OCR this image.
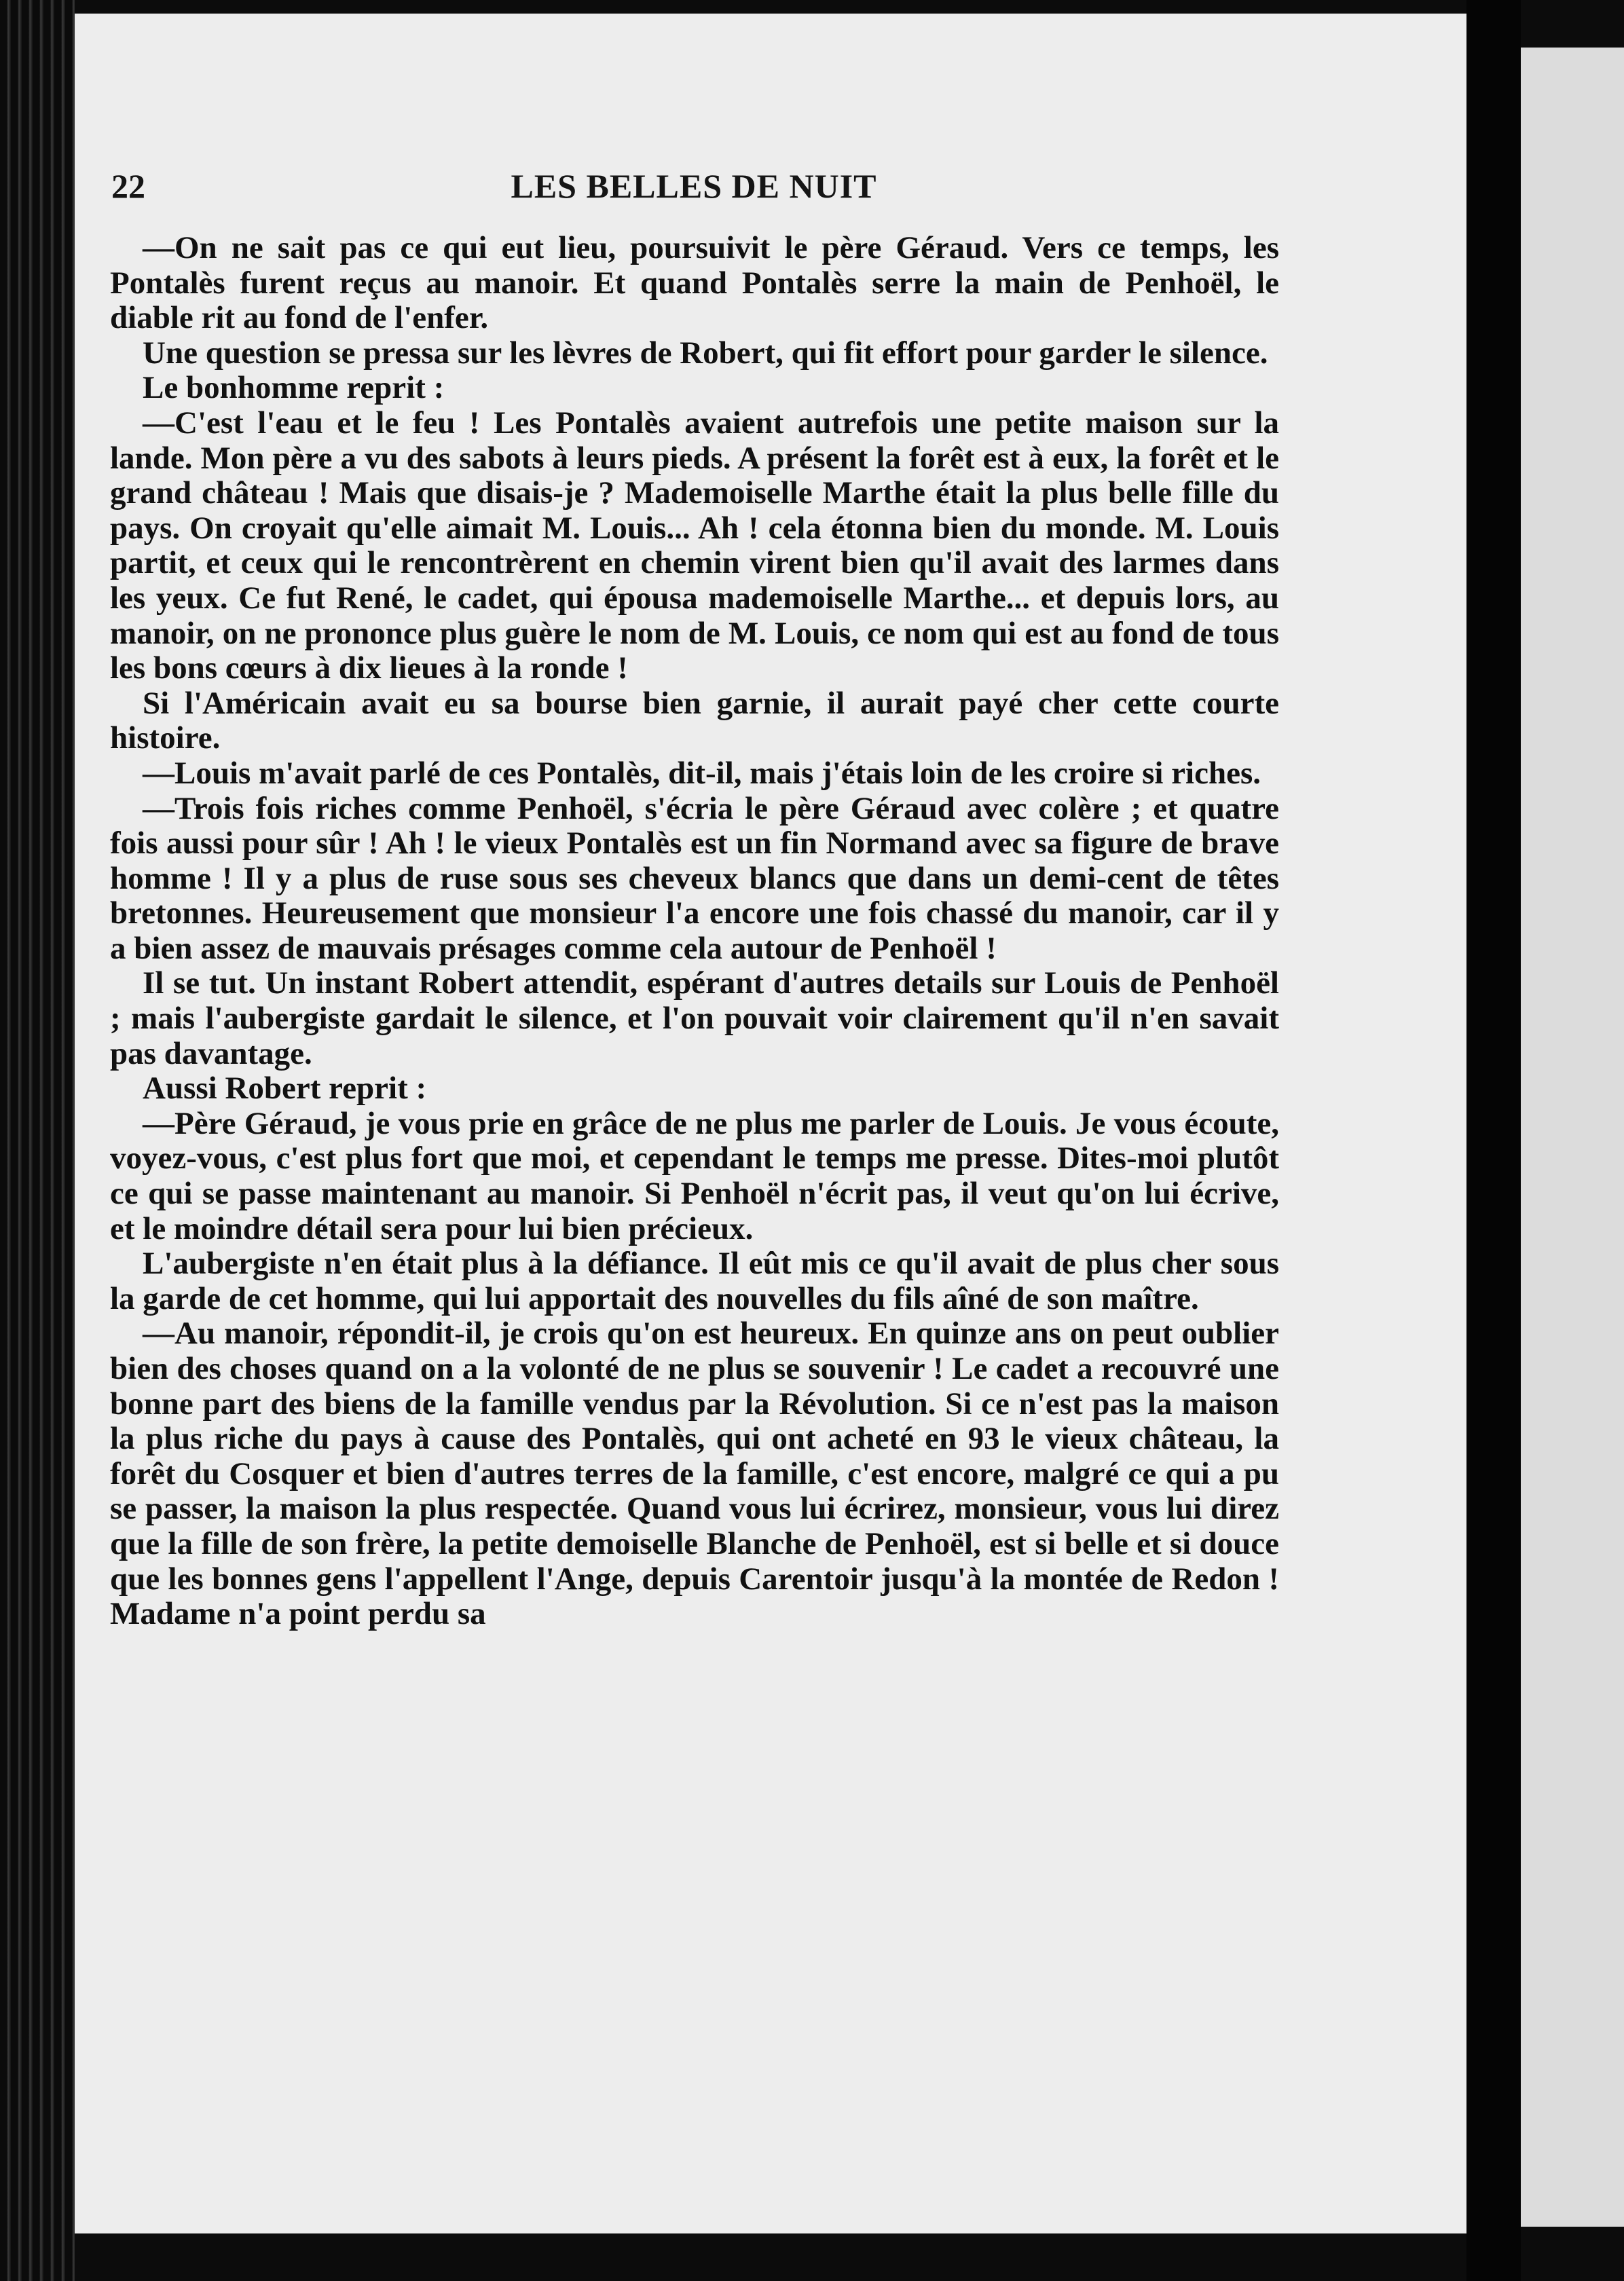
22	LES BELLES DE NUIT

—On ne sait pas ce qui eut lieu, poursuivit le père Géraud. Vers ce temps, les Pontalès furent reçus au manoir. Et quand Pontalès serre la main de Penhoël, le diable rit au fond de l'enfer.

Une question se pressa sur les lèvres de Robert, qui fit effort pour garder le silence.

Le bonhomme reprit :

—C'est l'eau et le feu ! Les Pontalès avaient autrefois une petite maison sur la lande. Mon père a vu des sabots à leurs pieds. A présent la forêt est à eux, la forêt et le grand château ! Mais que disais-je ? Mademoiselle Marthe était la plus belle fille du pays. On croyait qu'elle aimait M. Louis... Ah ! cela étonna bien du monde. M. Louis partit, et ceux qui le rencontrèrent en chemin virent bien qu'il avait des larmes dans les yeux. Ce fut René, le cadet, qui épousa mademoiselle Marthe... et depuis lors, au manoir, on ne prononce plus guère le nom de M. Louis, ce nom qui est au fond de tous les bons cœurs à dix lieues à la ronde !

Si l'Américain avait eu sa bourse bien garnie, il aurait payé cher cette courte histoire.

—Louis m'avait parlé de ces Pontalès, dit-il, mais j'étais loin de les croire si riches.

—Trois fois riches comme Penhoël, s'écria le père Géraud avec colère ; et quatre fois aussi pour sûr ! Ah ! le vieux Pontalès est un fin Normand avec sa figure de brave homme ! Il y a plus de ruse sous ses cheveux blancs que dans un demi-cent de têtes bretonnes. Heureusement que monsieur l'a encore une fois chassé du manoir, car il y a bien assez de mauvais présages comme cela autour de Penhoël !

Il se tut. Un instant Robert attendit, espérant d'autres details sur Louis de Penhoël ; mais l'aubergiste gardait le silence, et l'on pouvait voir clairement qu'il n'en savait pas davantage.

Aussi Robert reprit :

—Père Géraud, je vous prie en grâce de ne plus me parler de Louis. Je vous écoute, voyez-vous, c'est plus fort que moi, et cependant le temps me presse. Dites-moi plutôt ce qui se passe maintenant au manoir. Si Penhoël n'écrit pas, il veut qu'on lui écrive, et le moindre détail sera pour lui bien précieux.

L'aubergiste n'en était plus à la défiance. Il eût mis ce qu'il avait de plus cher sous la garde de cet homme, qui lui apportait des nouvelles du fils aîné de son maître.

—Au manoir, répondit-il, je crois qu'on est heureux. En quinze ans on peut oublier bien des choses quand on a la volonté de ne plus se souvenir ! Le cadet a recouvré une bonne part des biens de la famille vendus par la Révolution. Si ce n'est pas la maison la plus riche du pays à cause des Pontalès, qui ont acheté en 93 le vieux château, la forêt du Cosquer et bien d'autres terres de la famille, c'est encore, malgré ce qui a pu se passer, la maison la plus respectée. Quand vous lui écrirez, monsieur, vous lui direz que la fille de son frère, la petite demoiselle Blanche de Penhoël, est si belle et si douce que les bonnes gens l'appellent l'Ange, depuis Carentoir jusqu'à la montée de Redon ! Madame n'a point perdu sa
